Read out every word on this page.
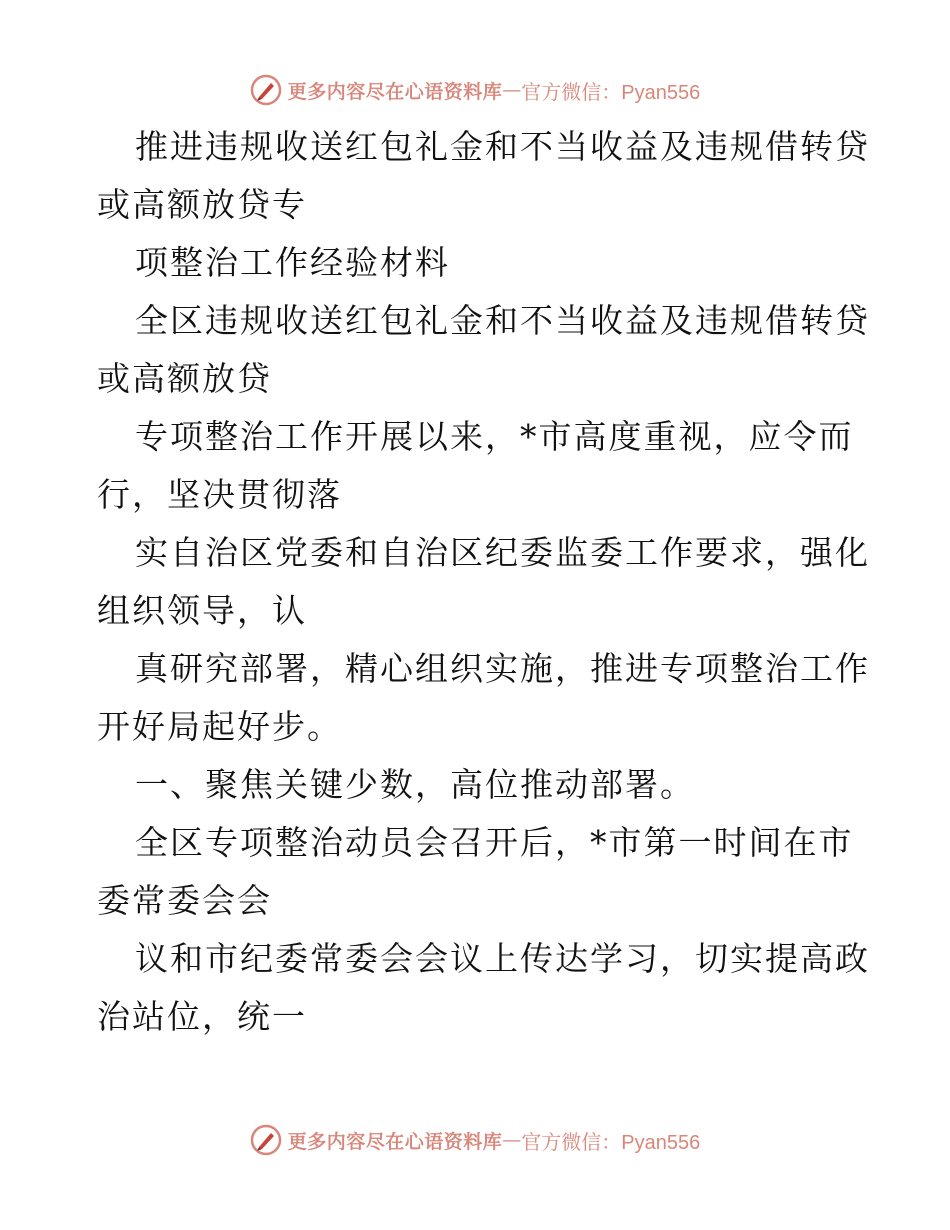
更多内容尽在心语资料库 — 官方微信：Pyan556
推进违规收送红包礼金和不当收益及违规借转贷
或高额放贷专
项整治工作经验材料
全区违规收送红包礼金和不当收益及违规借转贷
或高额放贷
专项整治工作开展以来，*市高度重视，应令而
行，坚决贯彻落
实自治区党委和自治区纪委监委工作要求，强化
组织领导，认
真研究部署，精心组织实施，推进专项整治工作
开好局起好步。
一、聚焦关键少数，高位推动部署。
全区专项整治动员会召开后，*市第一时间在市
委常委会会
议和市纪委常委会会议上传达学习，切实提高政
治站位，统一
更多内容尽在心语资料库 — 官方微信：Pyan556
